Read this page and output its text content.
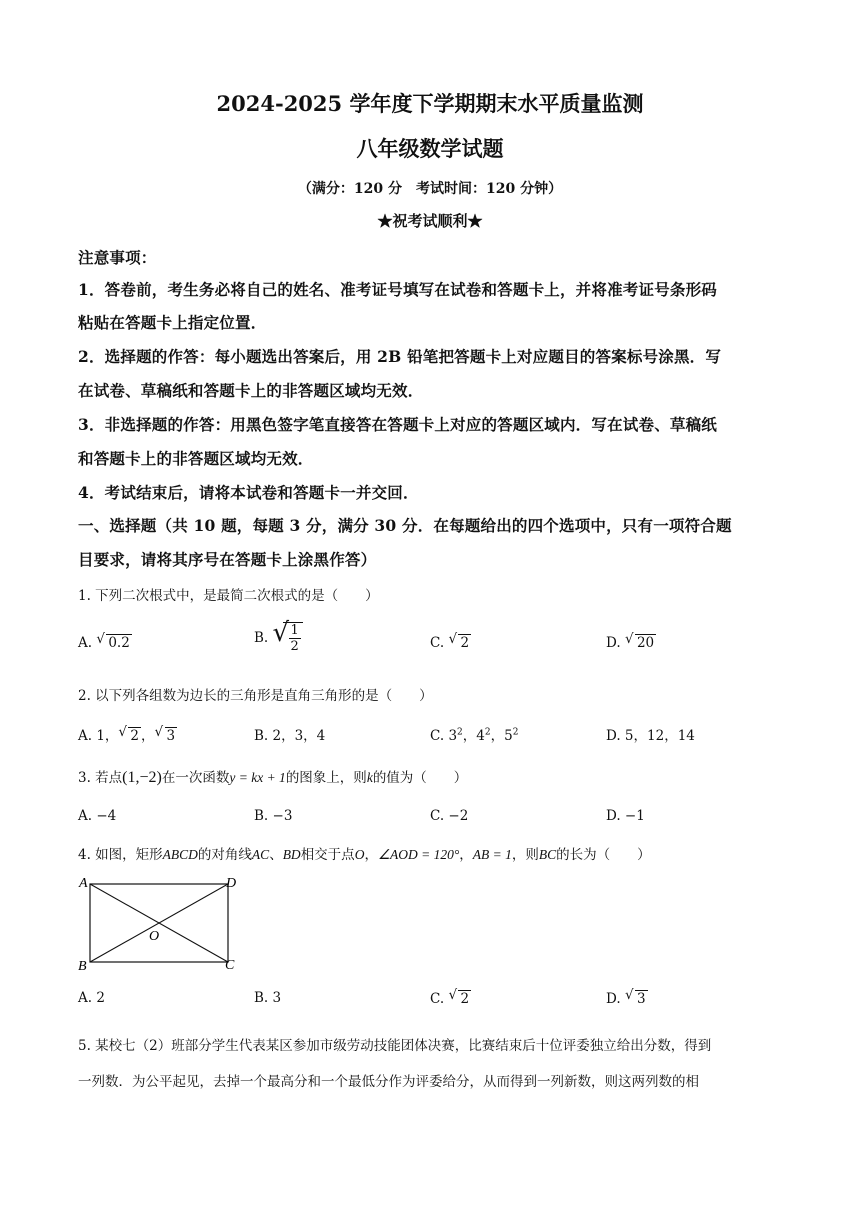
2024-2025 学年度下学期期末水平质量监测
八年级数学试题
（满分：120 分　考试时间：120 分钟）
★祝考试顺利★
注意事项：
1．答卷前，考生务必将自己的姓名、准考证号填写在试卷和答题卡上，并将准考证号条形码
粘贴在答题卡上指定位置．
2．选择题的作答：每小题选出答案后，用 2B 铅笔把答题卡上对应题目的答案标号涂黑．写
在试卷、草稿纸和答题卡上的非答题区域均无效．
3．非选择题的作答：用黑色签字笔直接答在答题卡上对应的答题区域内．写在试卷、草稿纸
和答题卡上的非答题区域均无效．
4．考试结束后，请将本试卷和答题卡一并交回．
一、选择题（共 10 题，每题 3 分，满分 30 分．在每题给出的四个选项中，只有一项符合题
目要求，请将其序号在答题卡上涂黑作答）
1. 下列二次根式中，是最简二次根式的是（　　）
A. √ 0.2	B. √ $\frac{1}{2}$	C. √ 2	D. √ 20
2. 以下列各组数为边长的三角形是直角三角形的是（　　）
A. 1， √ 2 ， √ 3	B. 2，3，4	C. $3^2$，$4^2$，$5^2$	D. 5，12，14
3. 若点(1,−2)在一次函数y = kx + 1的图象上，则k的值为（　　）
A. −4	B. −3	C. −2	D. −1
4. 如图，矩形ABCD的对角线AC、BD相交于点O，∠AOD = 120°，AB = 1，则BC的长为（　　）
A	D
B	C
O
A. 2	B. 3	C. √ 2	D. √ 3
5. 某校七（2）班部分学生代表某区参加市级劳动技能团体决赛，比赛结束后十位评委独立给出分数，得到
一列数．为公平起见，去掉一个最高分和一个最低分作为评委给分，从而得到一列新数，则这两列数的相
